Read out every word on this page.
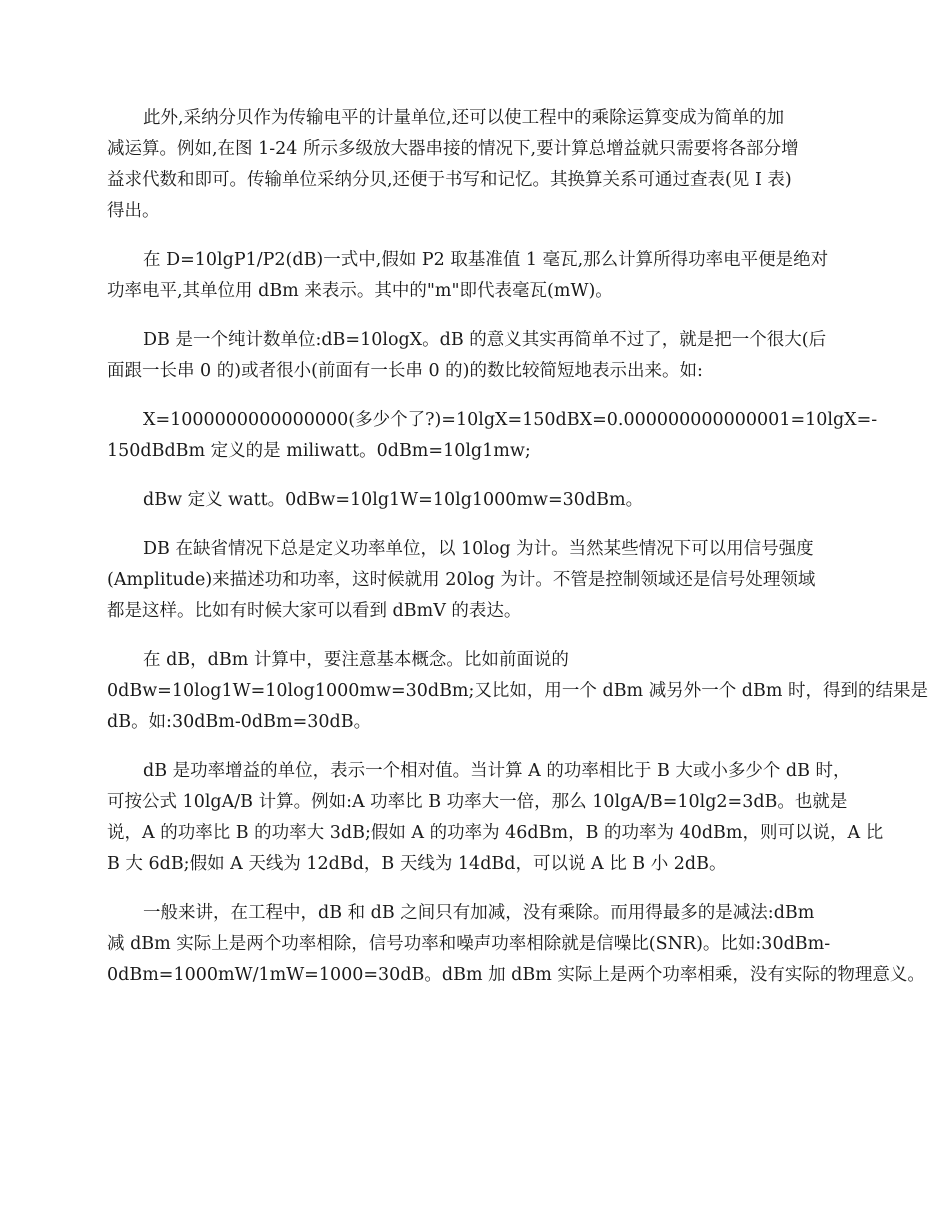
此外,采纳分贝作为传输电平的计量单位,还可以使工程中的乘除运算变成为简单的加
减运算。例如,在图 1-24 所示多级放大器串接的情况下,要计算总增益就只需要将各部分增
益求代数和即可。传输单位采纳分贝,还便于书写和记忆。其换算关系可通过查表(见 I 表)
得出。
在 D=10lgP1/P2(dB)一式中,假如 P2 取基准值 1 毫瓦,那么计算所得功率电平便是绝对
功率电平,其单位用 dBm 来表示。其中的"m"即代表毫瓦(mW)。
DB 是一个纯计数单位:dB=10logX。dB 的意义其实再简单不过了，就是把一个很大(后
面跟一长串 0 的)或者很小(前面有一长串 0 的)的数比较简短地表示出来。如:
X=1000000000000000(多少个了?)=10lgX=150dBX=0.000000000000001=10lgX=-
150dBdBm 定义的是 miliwatt。0dBm=10lg1mw;
dBw 定义 watt。0dBw=10lg1W=10lg1000mw=30dBm。
DB 在缺省情况下总是定义功率单位，以 10log 为计。当然某些情况下可以用信号强度
(Amplitude)来描述功和功率，这时候就用 20log 为计。不管是控制领域还是信号处理领域
都是这样。比如有时候大家可以看到 dBmV 的表达。
在 dB，dBm 计算中，要注意基本概念。比如前面说的
0dBw=10log1W=10log1000mw=30dBm;又比如，用一个 dBm 减另外一个 dBm 时，得到的结果是
dB。如:30dBm-0dBm=30dB。
dB 是功率增益的单位，表示一个相对值。当计算 A 的功率相比于 B 大或小多少个 dB 时，
可按公式 10lgA/B 计算。例如:A 功率比 B 功率大一倍，那么 10lgA/B=10lg2=3dB。也就是
说，A 的功率比 B 的功率大 3dB;假如 A 的功率为 46dBm，B 的功率为 40dBm，则可以说，A 比
B 大 6dB;假如 A 天线为 12dBd，B 天线为 14dBd，可以说 A 比 B 小 2dB。
一般来讲，在工程中，dB 和 dB 之间只有加减，没有乘除。而用得最多的是减法:dBm
减 dBm 实际上是两个功率相除，信号功率和噪声功率相除就是信噪比(SNR)。比如:30dBm-
0dBm=1000mW/1mW=1000=30dB。dBm 加 dBm 实际上是两个功率相乘，没有实际的物理意义。
